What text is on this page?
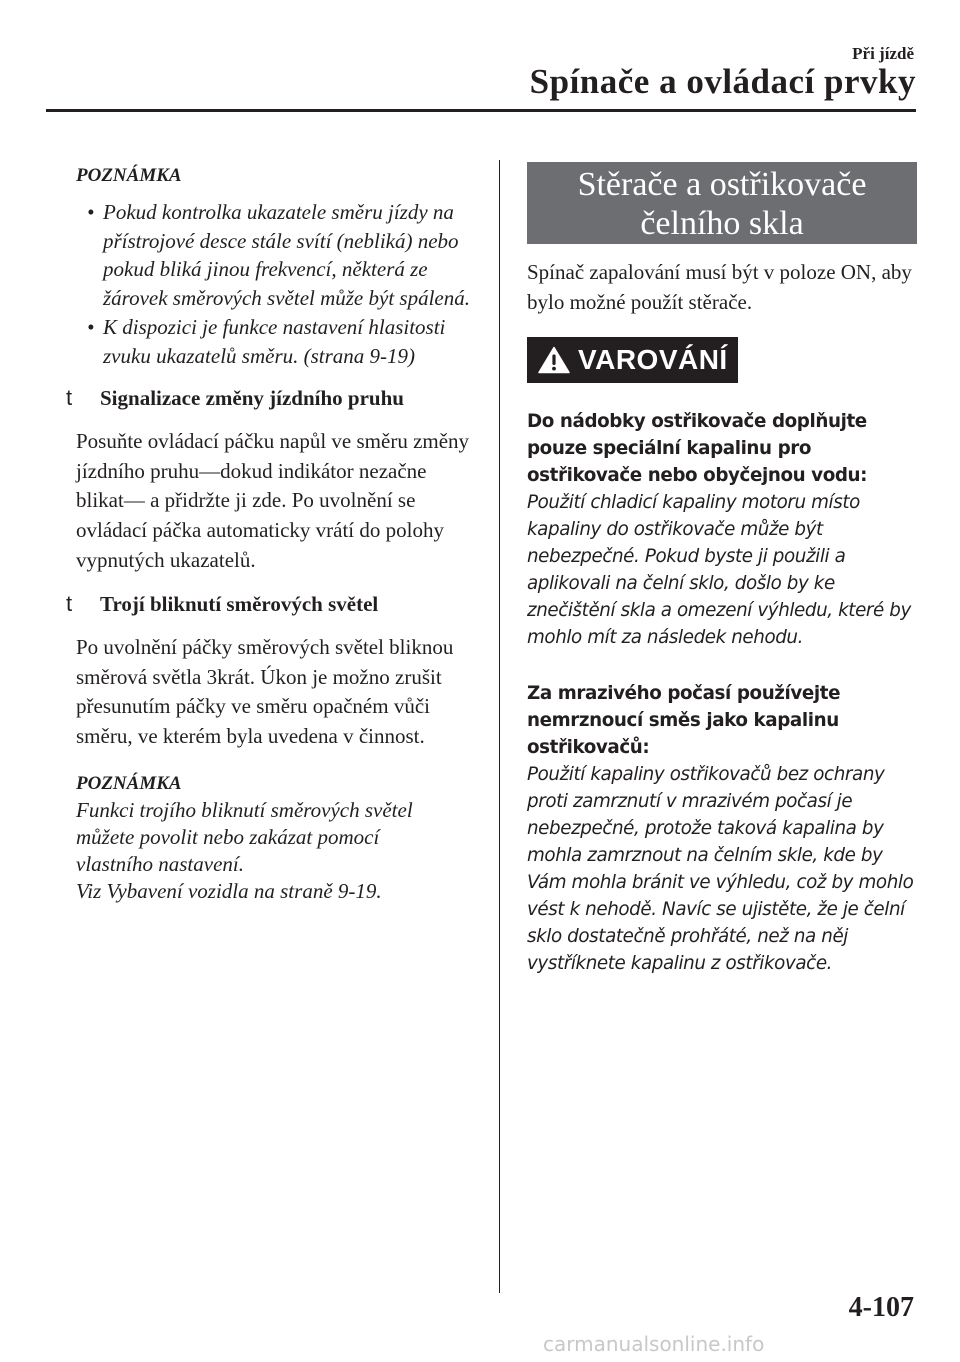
Při jízdě
Spínače a ovládací prvky
POZNÁMKA
• Pokud kontrolka ukazatele směru jízdy na přístrojové desce stále svítí (nebliká) nebo pokud bliká jinou frekvencí, některá ze žárovek směrových světel může být spálená.
• K dispozici je funkce nastavení hlasitosti zvuku ukazatelů směru. (strana 9-19)
t	Signalizace změny jízdního pruhu

Posuňte ovládací páčku napůl ve směru změny jízdního pruhu—dokud indikátor nezačne blikat— a přidržte ji zde. Po uvolnění se ovládací páčka automaticky vrátí do polohy vypnutých ukazatelů.

t	Trojí bliknutí směrových světel

Po uvolnění páčky směrových světel bliknou směrová světla 3krát. Úkon je možno zrušit přesunutím páčky ve směru opačném vůči směru, ve kterém byla uvedena v činnost.

POZNÁMKA
Funkci trojího bliknutí směrových světel
můžete povolit nebo zakázat pomocí
vlastního nastavení.
Viz Vybavení vozidla na straně 9-19.
Stěrače a ostřikovače
čelního skla

Spínač zapalování musí být v poloze ON, aby bylo možné použít stěrače.

VAROVÁNÍ
Do nádobky ostřikovače doplňujte pouze speciální kapalinu pro ostřikovače nebo obyčejnou vodu:
Použití chladicí kapaliny motoru místo kapaliny do ostřikovače může být nebezpečné. Pokud byste ji použili a aplikovali na čelní sklo, došlo by ke znečištění skla a omezení výhledu, které by mohlo mít za následek nehodu.
Za mrazivého počasí používejte nemrznoucí směs jako kapalinu ostřikovačů:
Použití kapaliny ostřikovačů bez ochrany proti zamrznutí v mrazivém počasí je nebezpečné, protože taková kapalina by mohla zamrznout na čelním skle, kde by Vám mohla bránit ve výhledu, což by mohlo vést k nehodě. Navíc se ujistěte, že je čelní sklo dostatečně prohřáté, než na něj vystříknete kapalinu z ostřikovače.
4-107
carmanualsonline.info
